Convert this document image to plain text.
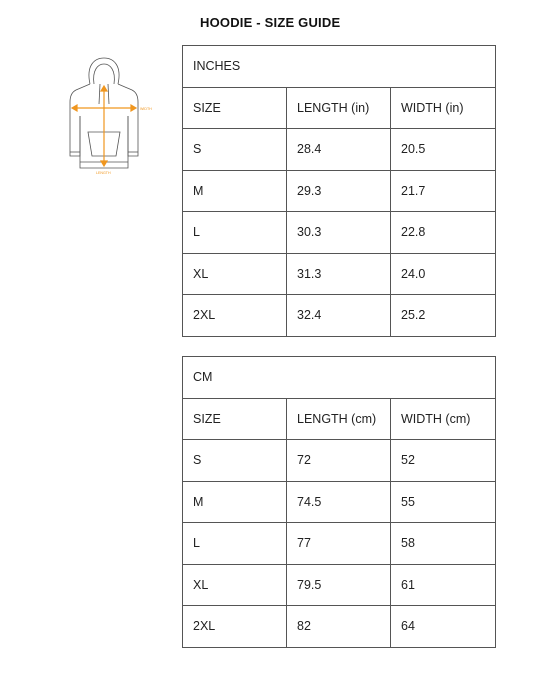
HOODIE - SIZE GUIDE
WIDTH
LENGTH
INCHES		
SIZE	LENGTH (in)	WIDTH (in)
S	28.4	20.5
M	29.3	21.7
L	30.3	22.8
XL	31.3	24.0
2XL	32.4	25.2
CM		
SIZE	LENGTH (cm)	WIDTH (cm)
S	72	52
M	74.5	55
L	77	58
XL	79.5	61
2XL	82	64
